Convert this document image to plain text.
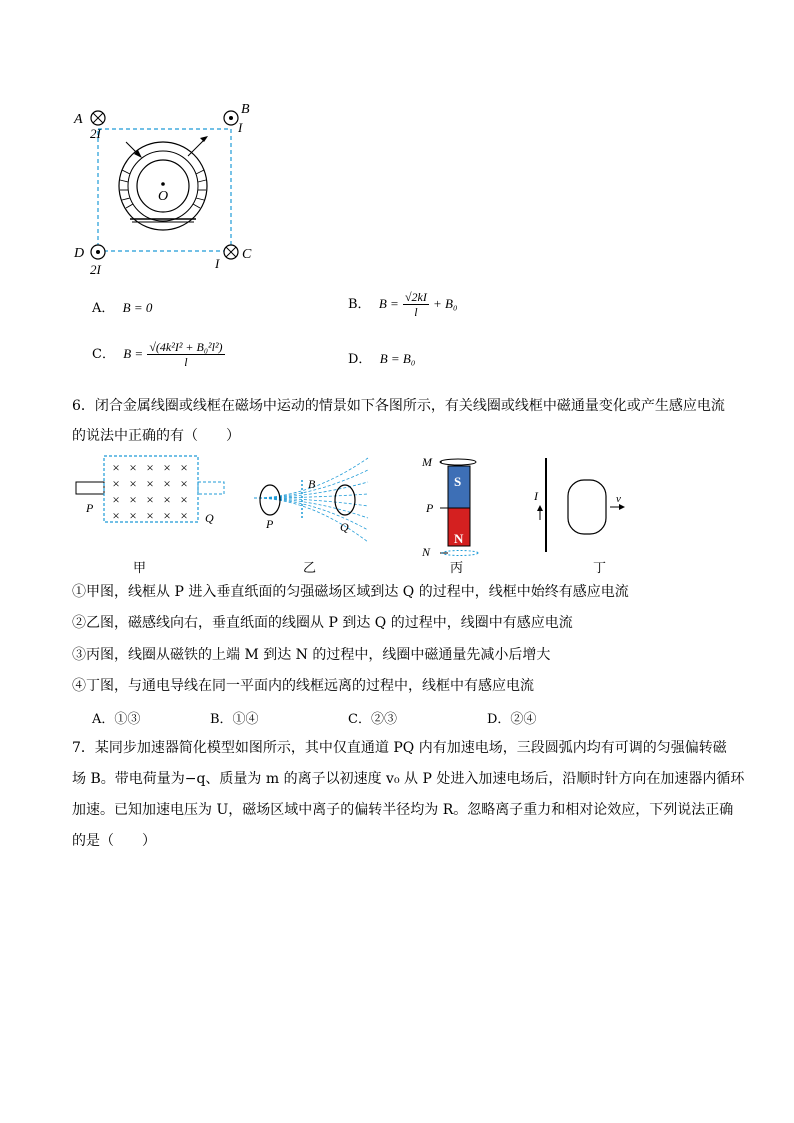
O
A
2I
B
I
C
I
D
2I
A． B = 0	B． $B = \frac{√2kI}{l} + B_0$
C． $B = \frac{\text{√(4k²I² + B₀²l²)}}{l}$	D． B = B₀
6．闭合金属线圈或线框在磁场中运动的情景如下各图所示，有关线圈或线框中磁通量变化或产生感应电流
的说法中正确的有（　　）
× × × × ×
× × × × ×
× × × × ×
× × × × ×
P
Q
甲
B
P	Q
乙
S
N
M
P
N
丙
I	v
丁
①甲图，线框从 P 进入垂直纸面的匀强磁场区域到达 Q 的过程中，线框中始终有感应电流
②乙图，磁感线向右，垂直纸面的线圈从 P 到达 Q 的过程中，线圈中有感应电流
③丙图，线圈从磁铁的上端 M 到达 N 的过程中，线圈中磁通量先减小后增大
④丁图，与通电导线在同一平面内的线框远离的过程中，线框中有感应电流
A．①③	B．①④	C．②③	D．②④
7．某同步加速器简化模型如图所示，其中仅直通道 PQ 内有加速电场，三段圆弧内均有可调的匀强偏转磁
场 B。带电荷量为−q、质量为 m 的离子以初速度 v₀ 从 P 处进入加速电场后，沿顺时针方向在加速器内循环
加速。已知加速电压为 U，磁场区域中离子的偏转半径均为 R。忽略离子重力和相对论效应，下列说法正确
的是（　　）
